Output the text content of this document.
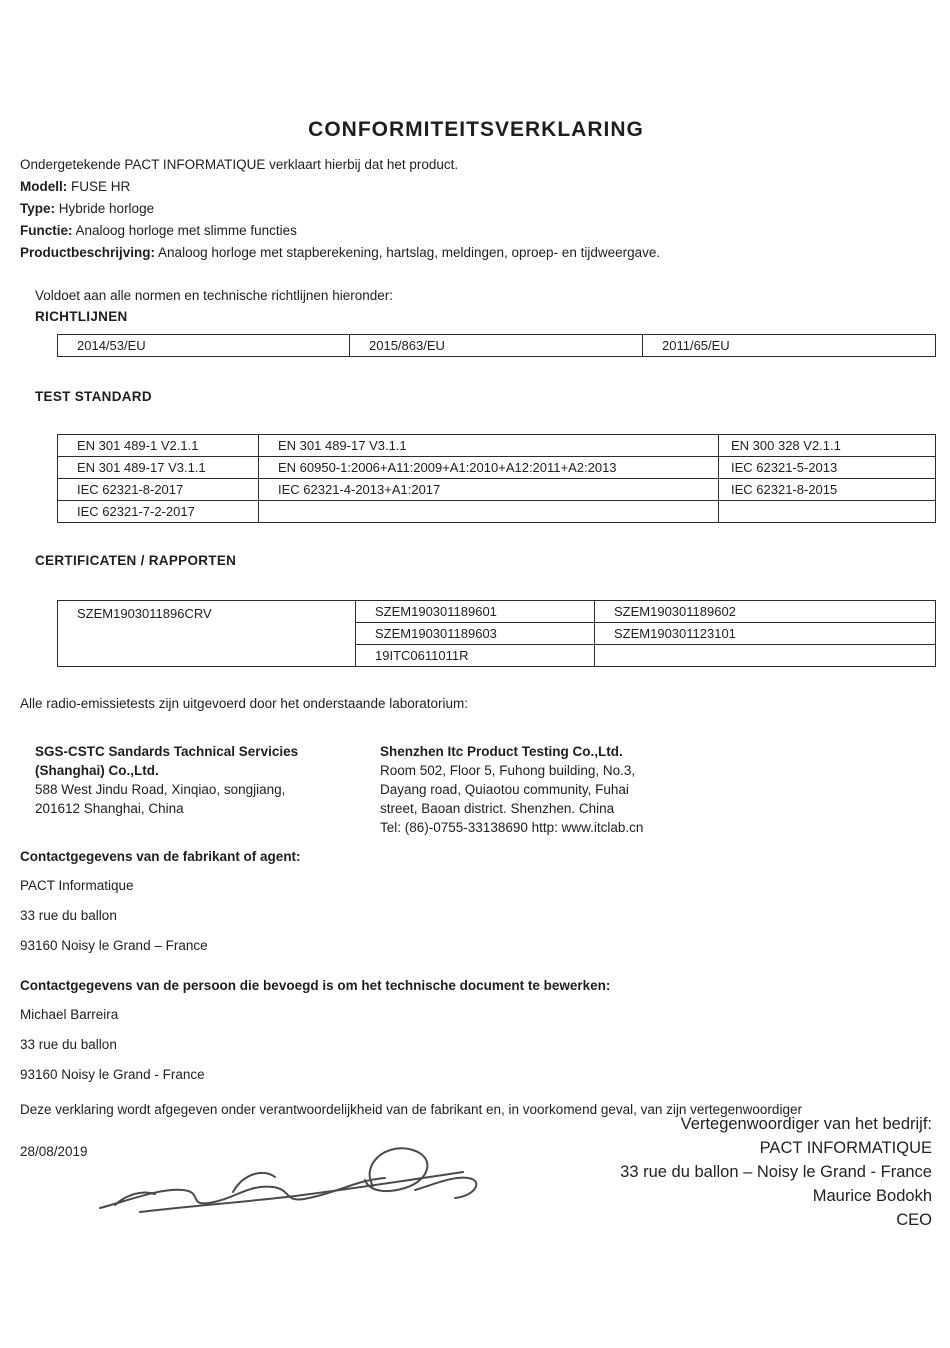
CONFORMITEITSVERKLARING

Ondergetekende PACT INFORMATIQUE verklaart hierbij dat het product.

Modell: FUSE HR

Type: Hybride horloge

Functie: Analoog horloge met slimme functies

Productbeschrijving: Analoog horloge met stapberekening, hartslag, meldingen, oproep- en tijdweergave.

Voldoet aan alle normen en technische richtlijnen hieronder:

RICHTLIJNEN
2014/53/EU	2015/863/EU	2011/65/EU
TEST STANDARD
EN 301 489-1 V2.1.1	EN 301 489-17 V3.1.1	EN 300 328 V2.1.1
EN 301 489-17 V3.1.1	EN 60950-1:2006+A11:2009+A1:2010+A12:2011+A2:2013	IEC 62321-5-2013
IEC 62321-8-2017	IEC 62321-4-2013+A1:2017	IEC 62321-8-2015
IEC 62321-7-2-2017		
CERTIFICATEN / RAPPORTEN
SZEM1903011896CRV	SZEM190301189601	SZEM190301189602
	SZEM190301189603	SZEM190301123101
	19ITC0611011R	

Alle radio-emissietests zijn uitgevoerd door het onderstaande laboratorium:

SGS-CSTC Sandards Tachnical Servicies

(Shanghai) Co.,Ltd.

588 West Jindu Road, Xinqiao, songjiang,

201612 Shanghai, China

Shenzhen Itc Product Testing Co.,Ltd.

Room 502, Floor 5, Fuhong building, No.3,

Dayang road, Quiaotou community, Fuhai

street, Baoan district. Shenzhen. China

Tel: (86)-0755-33138690 http: www.itclab.cn

Contactgegevens van de fabrikant of agent:

PACT Informatique

33 rue du ballon

93160 Noisy le Grand – France

Contactgegevens van de persoon die bevoegd is om het technische document te bewerken:

Michael Barreira

33 rue du ballon

93160 Noisy le Grand - France

Deze verklaring wordt afgegeven onder verantwoordelijkheid van de fabrikant en, in voorkomend geval, van zijn vertegenwoordiger

28/08/2019

Vertegenwoordiger van het bedrijf:
PACT INFORMATIQUE
33 rue du ballon – Noisy le Grand - France
Maurice Bodokh
CEO
